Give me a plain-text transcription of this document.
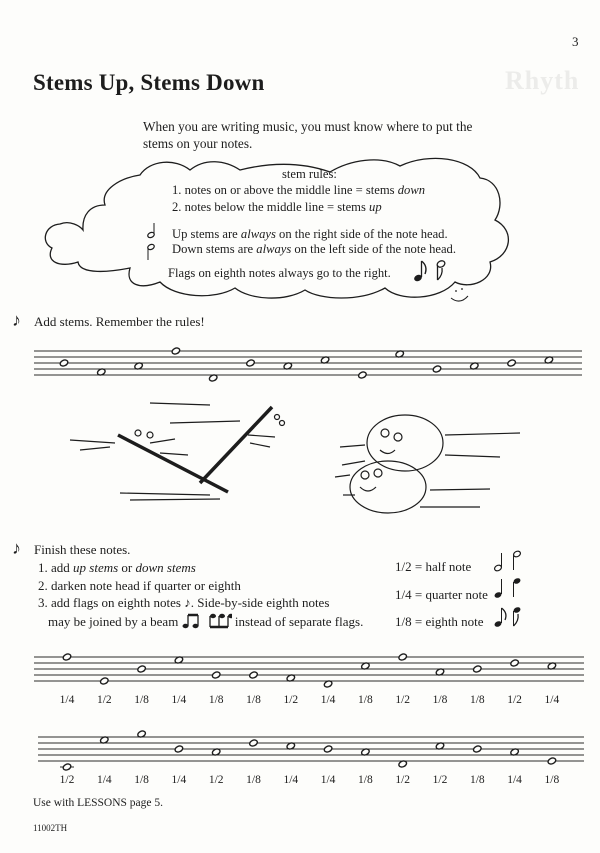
3
Rhyth
Stems Up, Stems Down
When you are writing music, you must know where to put the stems on your notes.
stem rules:
1. notes on or above the middle line = stems down
2. notes below the middle line = stems up
Up stems are always on the right side of the note head.
Down stems are always on the left side of the note head.
Flags on eighth notes always go to the right.
♪ Add stems. Remember the rules!
♪ Finish these notes.
1. add up stems or down stems
2. darken note head if quarter or eighth
3. add flags on eighth notes ♪. Side-by-side eighth notes
may be joined by a beam	instead of separate flags.
1/2 = half note
1/4 = quarter note
1/8 = eighth note
1/4 1/2 1/8 1/4 1/8 1/8 1/2 1/4 1/8 1/2 1/8 1/8 1/2 1/4
1/2 1/4 1/8 1/4 1/2 1/8 1/4 1/4 1/8 1/2 1/2 1/8 1/4 1/8
Use with LESSONS page 5.
11002TH
